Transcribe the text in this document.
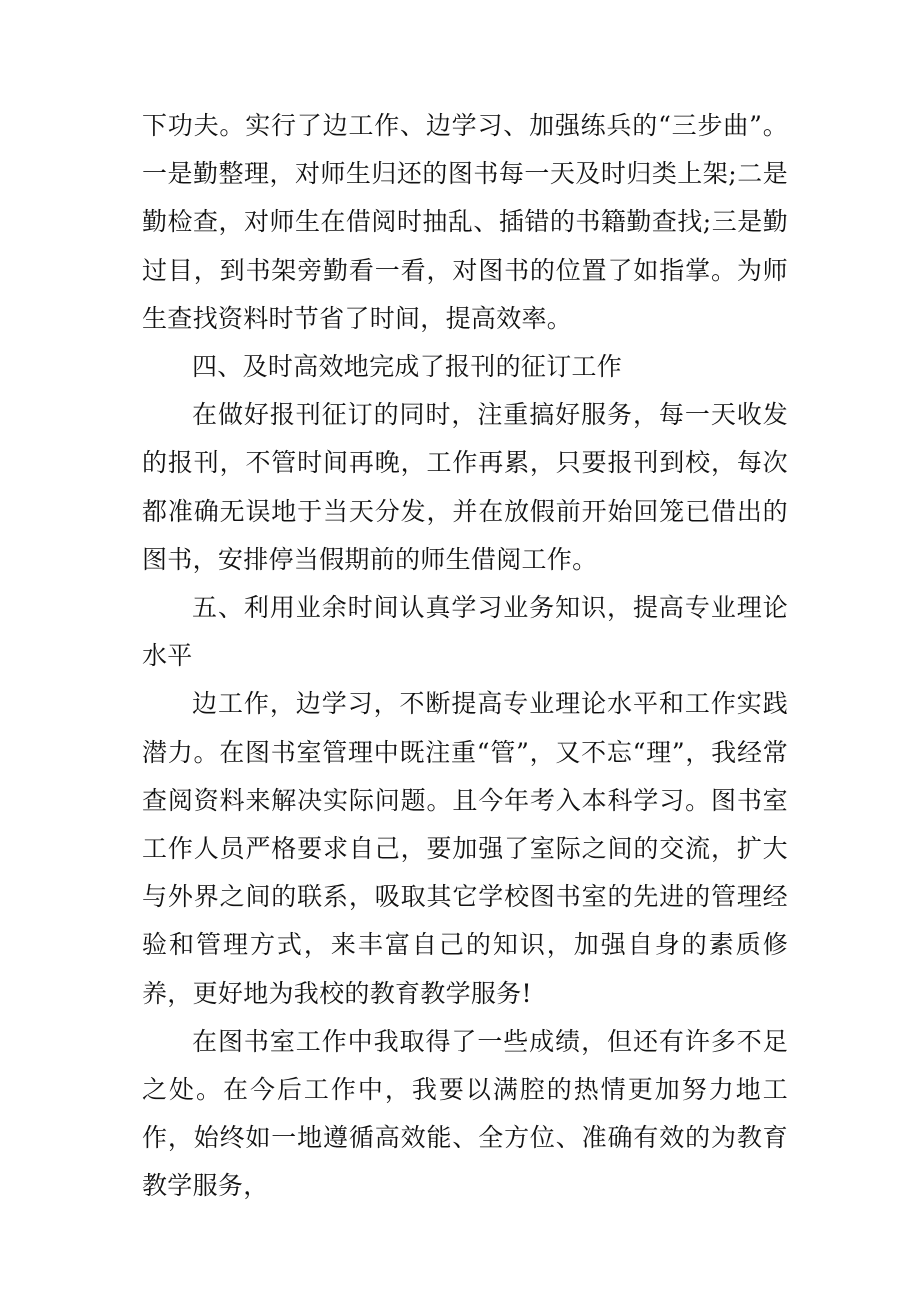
下功夫。实行了边工作、边学习、加强练兵的“三步曲”。一是勤整理，对师生归还的图书每一天及时归类上架;二是勤检查，对师生在借阅时抽乱、插错的书籍勤查找;三是勤过目，到书架旁勤看一看，对图书的位置了如指掌。为师生查找资料时节省了时间，提高效率。

四、及时高效地完成了报刊的征订工作

在做好报刊征订的同时，注重搞好服务，每一天收发的报刊，不管时间再晚，工作再累，只要报刊到校，每次都准确无误地于当天分发，并在放假前开始回笼已借出的图书，安排停当假期前的师生借阅工作。

五、利用业余时间认真学习业务知识，提高专业理论水平

边工作，边学习，不断提高专业理论水平和工作实践潜力。在图书室管理中既注重“管”，又不忘“理”，我经常查阅资料来解决实际问题。且今年考入本科学习。图书室工作人员严格要求自己，要加强了室际之间的交流，扩大与外界之间的联系，吸取其它学校图书室的先进的管理经验和管理方式，来丰富自己的知识，加强自身的素质修养，更好地为我校的教育教学服务!

在图书室工作中我取得了一些成绩，但还有许多不足之处。在今后工作中，我要以满腔的热情更加努力地工作，始终如一地遵循高效能、全方位、准确有效的为教育教学服务，
